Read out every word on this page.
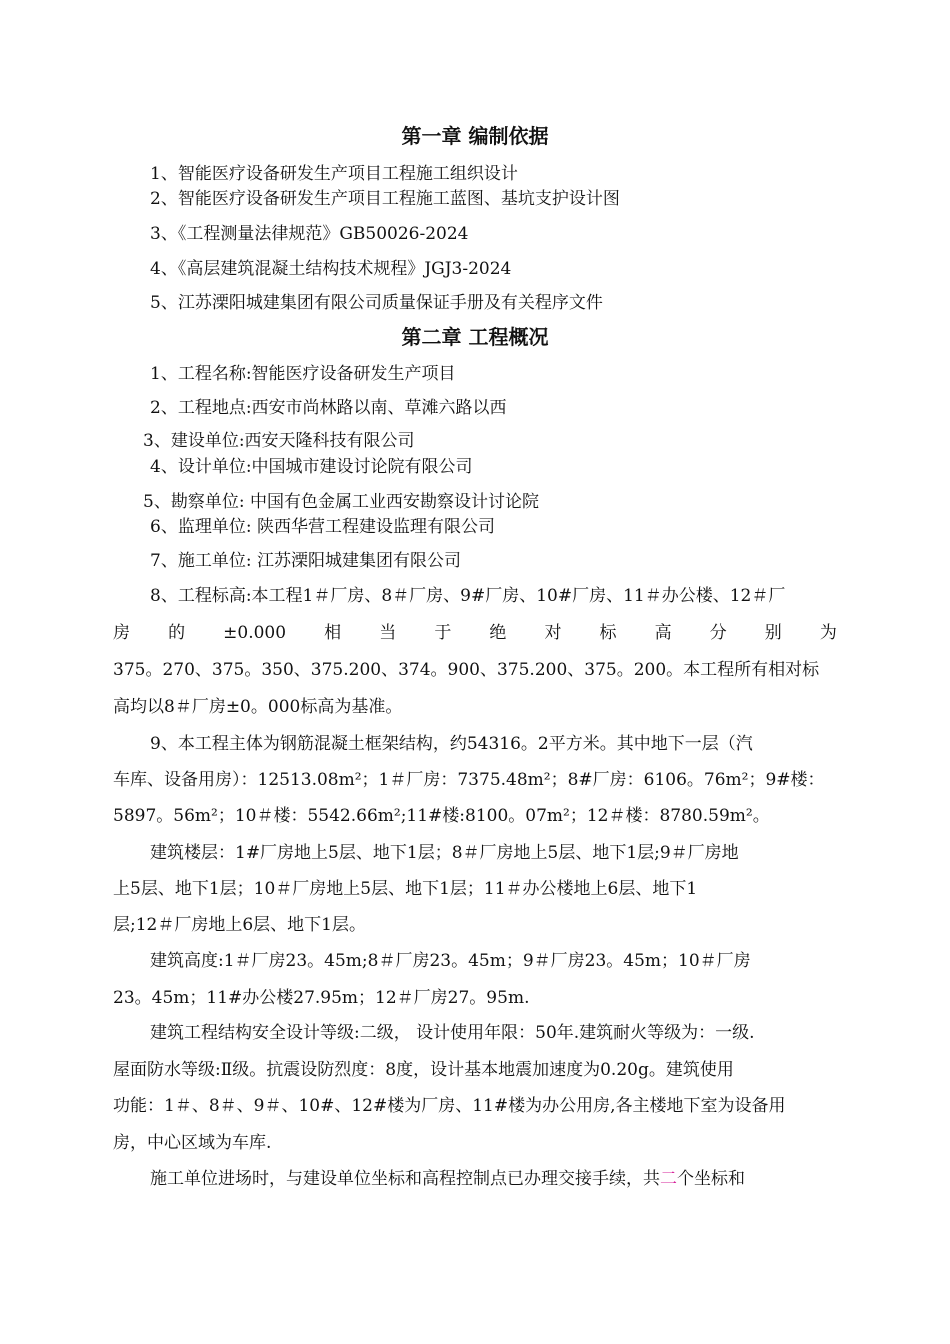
第一章 编制依据
1、智能医疗设备研发生产项目工程施工组织设计
2、智能医疗设备研发生产项目工程施工蓝图、基坑支护设计图
3、《工程测量法律规范》GB50026-2024
4、《高层建筑混凝土结构技术规程》JGJ3-2024
5、江苏溧阳城建集团有限公司质量保证手册及有关程序文件
第二章 工程概况
1、工程名称:智能医疗设备研发生产项目
2、工程地点:西安市尚林路以南、草滩六路以西
3、建设单位:西安天隆科技有限公司
4、设计单位:中国城市建设讨论院有限公司
5、勘察单位: 中国有色金属工业西安勘察设计讨论院
6、监理单位: 陕西华营工程建设监理有限公司
7、施工单位: 江苏溧阳城建集团有限公司
8、工程标高:本工程1＃厂房、8＃厂房、9#厂房、10#厂房、11＃办公楼、12＃厂
房 的 ±0.000 相 当 于 绝 对 标 高 分 别 为
375。270、375。350、375.200、374。900、375.200、375。200。本工程所有相对标
高均以8＃厂房±0。000标高为基准。
9、本工程主体为钢筋混凝土框架结构，约54316。2平方米。其中地下一层（汽
车库、设备用房）：12513.08m²；1＃厂房：7375.48m²；8#厂房：6106。76m²；9#楼：
5897。56m²；10＃楼：5542.66m²;11#楼:8100。07m²；12＃楼：8780.59m²。
建筑楼层：1#厂房地上5层、地下1层；8＃厂房地上5层、地下1层;9＃厂房地
上5层、地下1层；10＃厂房地上5层、地下1层；11＃办公楼地上6层、地下1
层;12＃厂房地上6层、地下1层。
建筑高度:1＃厂房23。45m;8＃厂房23。45m；9＃厂房23。45m；10＃厂房
23。45m；11#办公楼27.95m；12＃厂房27。95m.
建筑工程结构安全设计等级:二级， 设计使用年限：50年.建筑耐火等级为：一级.
屋面防水等级:Ⅱ级。抗震设防烈度：8度，设计基本地震加速度为0.20g。建筑使用
功能：1＃、8＃、9＃、10#、12#楼为厂房、11#楼为办公用房,各主楼地下室为设备用
房，中心区域为车库.
施工单位进场时，与建设单位坐标和高程控制点已办理交接手续，共二个坐标和
